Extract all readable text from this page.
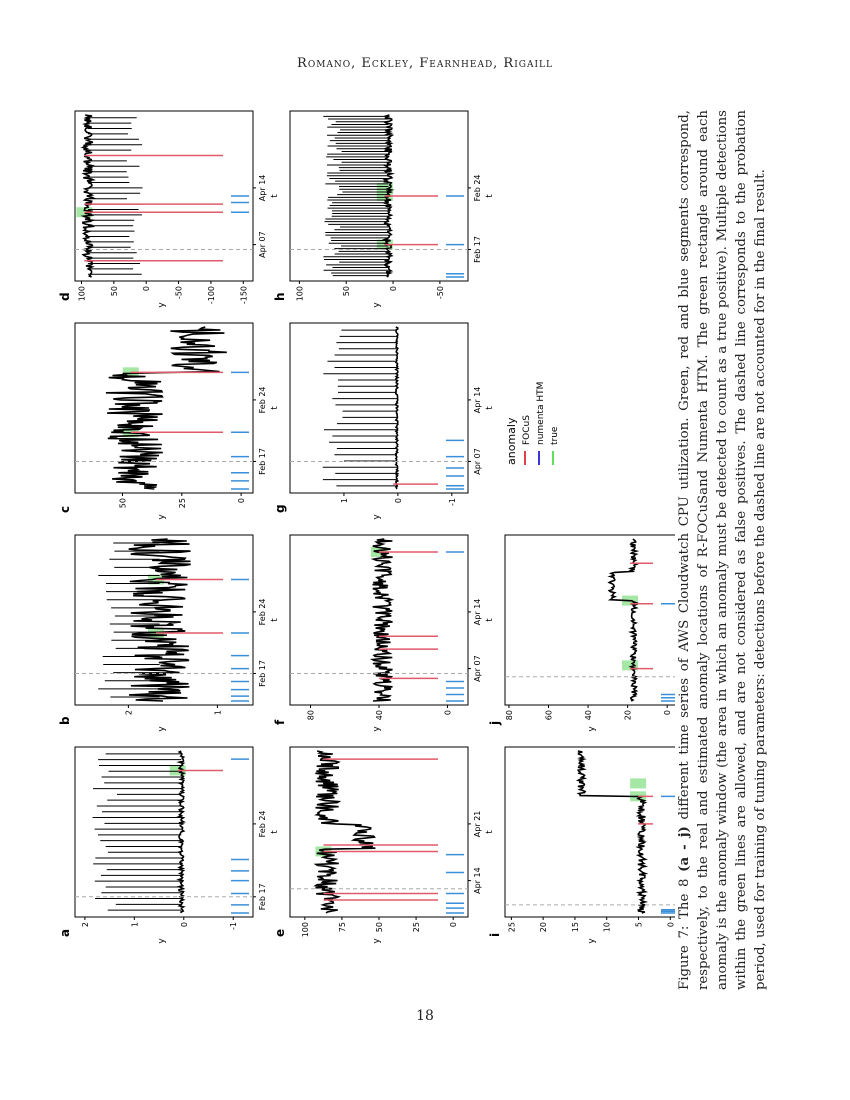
Romano, Eckley, Fearnhead, Rigaill
a
-1
0
1
2
y
Feb 17
Feb 24 t
b
1
2
y
Feb 17
Feb 24 t
c
0
25
50
y
Feb 17
Feb 24 t
d	-150
-100
-50
0
50
100
y
Apr 07
Apr 14 t
e
0
25
50
75
100
y
Apr 14
Apr 21 t
f
0
40
80
y
Apr 07
Apr 14 t
g
-1
0
1
y
Apr 07
Apr 14 t
h	-50
0
50
100
y
Feb 17
Feb 24 t
i
0
5
10
15
20
25
y
j
0
20
40
60
80
y
anomaly FOCuS numenta HTM true
Figure 7: The 8 (a - j) different time series of AWS Cloudwatch CPU utilization. Green, red and blue segments correspond, respectively, to the real and estimated anomaly locations of R-FOCuSand Numenta HTM. The green rectangle around each anomaly is the anomaly window (the area in which an anomaly must be detected to count as a true positive). Multiple detections within the green lines are allowed, and are not considered as false positives. The dashed line corresponds to the probation period, used for training of tuning parameters: detections before the dashed line are not accounted for in the final result.
18
